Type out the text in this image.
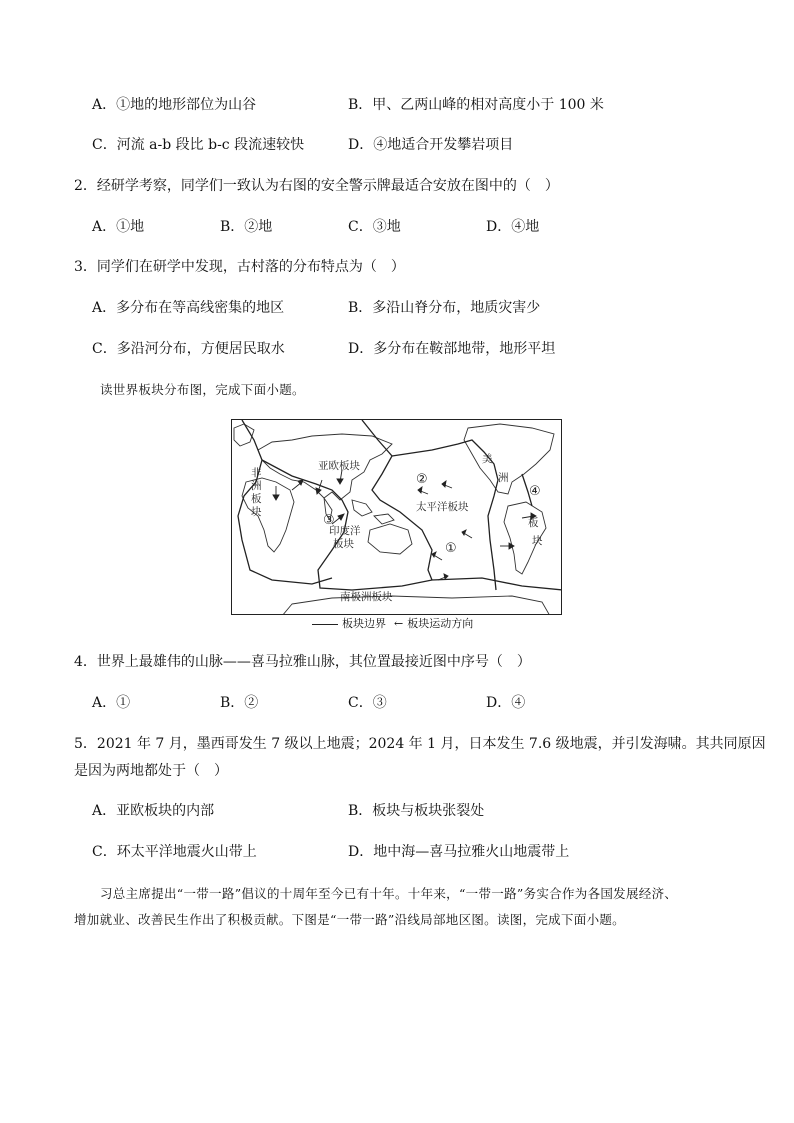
A．①地的地形部位为山谷	B．甲、乙两山峰的相对高度小于 100 米
C．河流 a-b 段比 b-c 段流速较快	D．④地适合开发攀岩项目
2．经研学考察，同学们一致认为右图的安全警示牌最适合安放在图中的（　）
A．①地	B．②地	C．③地	D．④地
3．同学们在研学中发现，古村落的分布特点为（　）
A．多分布在等高线密集的地区	B．多沿山脊分布，地质灾害少
C．多沿河分布，方便居民取水	D．多分布在鞍部地带，地形平坦
读世界板块分布图，完成下面小题。
亚欧板块
非
洲
板
块
印度洋
板块
太平洋板块
美
洲
板
块
南极洲板块
①
②
③
④
板块边界 ← 板块运动方向
4．世界上最雄伟的山脉——喜马拉雅山脉，其位置最接近图中序号（　）
A．①	B．②	C．③	D．④
5．2021 年 7 月，墨西哥发生 7 级以上地震；2024 年 1 月，日本发生 7.6 级地震，并引发海啸。其共同原因
是因为两地都处于（　）
A．亚欧板块的内部	B．板块与板块张裂处
C．环太平洋地震火山带上	D．地中海—喜马拉雅火山地震带上
习总主席提出“一带一路”倡议的十周年至今已有十年。十年来，“一带一路”务实合作为各国发展经济、
增加就业、改善民生作出了积极贡献。下图是“一带一路”沿线局部地区图。读图，完成下面小题。
